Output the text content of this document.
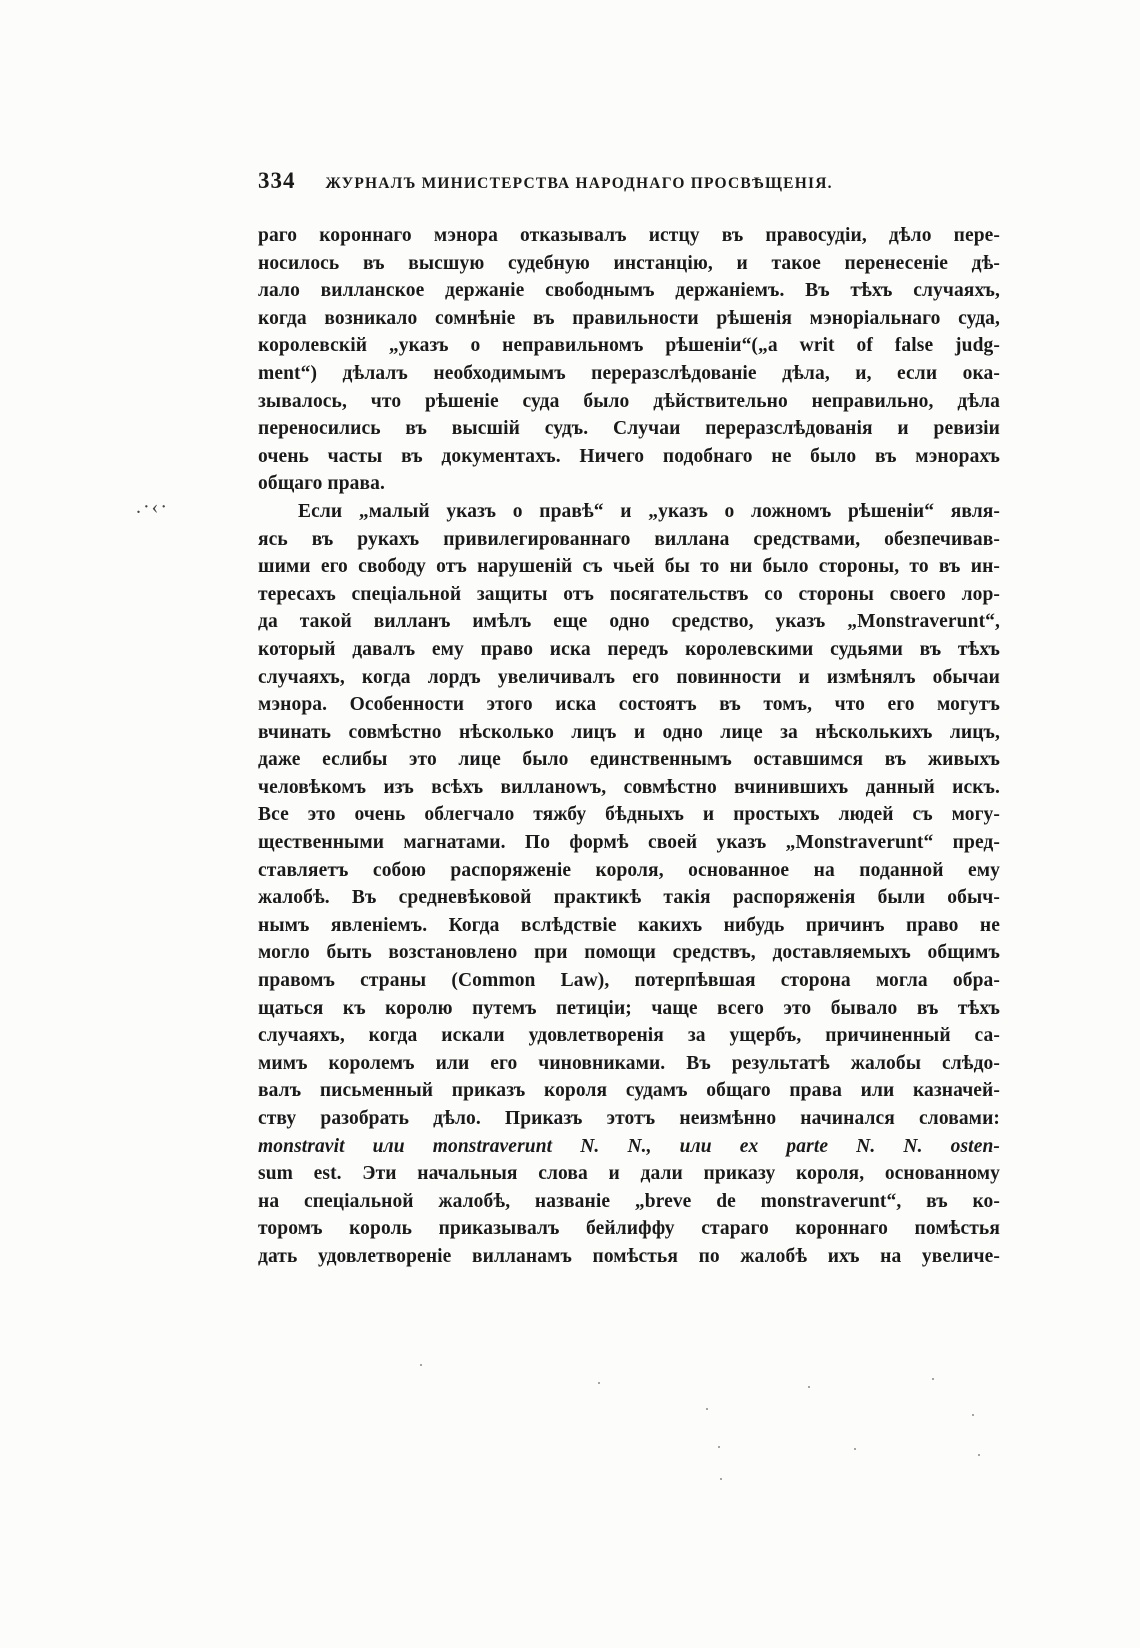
334 ЖУРНАЛЪ МИНИСТЕРСТВА НАРОДНАГО ПРОСВѢЩЕНІЯ.
.·‹·
раго короннаго мэнора отказывалъ истцу въ правосудіи, дѣло пере-
носилось въ высшую судебную инстанцію, и такое перенесеніе дѣ-
лало вилланское держаніе свободнымъ держаніемъ. Въ тѣхъ случаяхъ,
когда возникало сомнѣніе въ правильности рѣшенія мэноріальнаго суда,
королевскій „указъ о неправильномъ рѣшеніи“(„a writ of false judg-
ment“) дѣлалъ необходимымъ переразслѣдованіе дѣла, и, если ока-
зывалось, что рѣшеніе суда было дѣйствительно неправильно, дѣла
переносились въ высшій судъ. Случаи переразслѣдованія и ревизіи
очень часты въ документахъ. Ничего подобнаго не было въ мэнорахъ
общаго права.
Если „малый указъ о правѣ“ и „указъ о ложномъ рѣшеніи“ явля-
ясь въ рукахъ привилегированнаго виллана средствами, обезпечивав-
шими его свободу отъ нарушеній съ чьей бы то ни было стороны, то въ ин-
тересахъ спеціальной защиты отъ посягательствъ со стороны своего лор-
да такой вилланъ имѣлъ еще одно средство, указъ „Monstraverunt“,
который давалъ ему право иска передъ королевскими судьями въ тѣхъ
случаяхъ, когда лордъ увеличивалъ его повинности и измѣнялъ обычаи
мэнора. Особенности этого иска состоятъ въ томъ, что его могутъ
вчинать совмѣстно нѣсколько лицъ и одно лице за нѣсколькихъ лицъ,
даже еслибы это лице было единственнымъ оставшимся въ живыхъ
человѣкомъ изъ всѣхъ вилланowъ, совмѣстно вчинившихъ данный искъ.
Все это очень облегчало тяжбу бѣдныхъ и простыхъ людей съ могу-
щественными магнатами. По формѣ своей указъ „Monstraverunt“ пред-
ставляетъ собою распоряженіе короля, основанное на поданной ему
жалобѣ. Въ средневѣковой практикѣ такія распоряженія были обыч-
нымъ явленіемъ. Когда вслѣдствіе какихъ нибудь причинъ право не
могло быть возстановлено при помощи средствъ, доставляемыхъ общимъ
правомъ страны (Common Law), потерпѣвшая сторона могла обра-
щаться къ королю путемъ петиціи; чаще всего это бывало въ тѣхъ
случаяхъ, когда искали удовлетворенія за ущербъ, причиненный са-
мимъ королемъ или его чиновниками. Въ результатѣ жалобы слѣдо-
валъ письменный приказъ короля судамъ общаго права или казначей-
ству разобрать дѣло. Приказъ этотъ неизмѣнно начинался словами:
monstravit или monstraverunt N. N., или ex parte N. N. osten-
sum est. Эти начальныя слова и дали приказу короля, основанному
на спеціальной жалобѣ, названіе „breve de monstraverunt“, въ ко-
торомъ король приказывалъ бейлиффу стараго короннаго помѣстья
дать удовлетвореніе вилланамъ помѣстья по жалобѣ ихъ на увеличе-
